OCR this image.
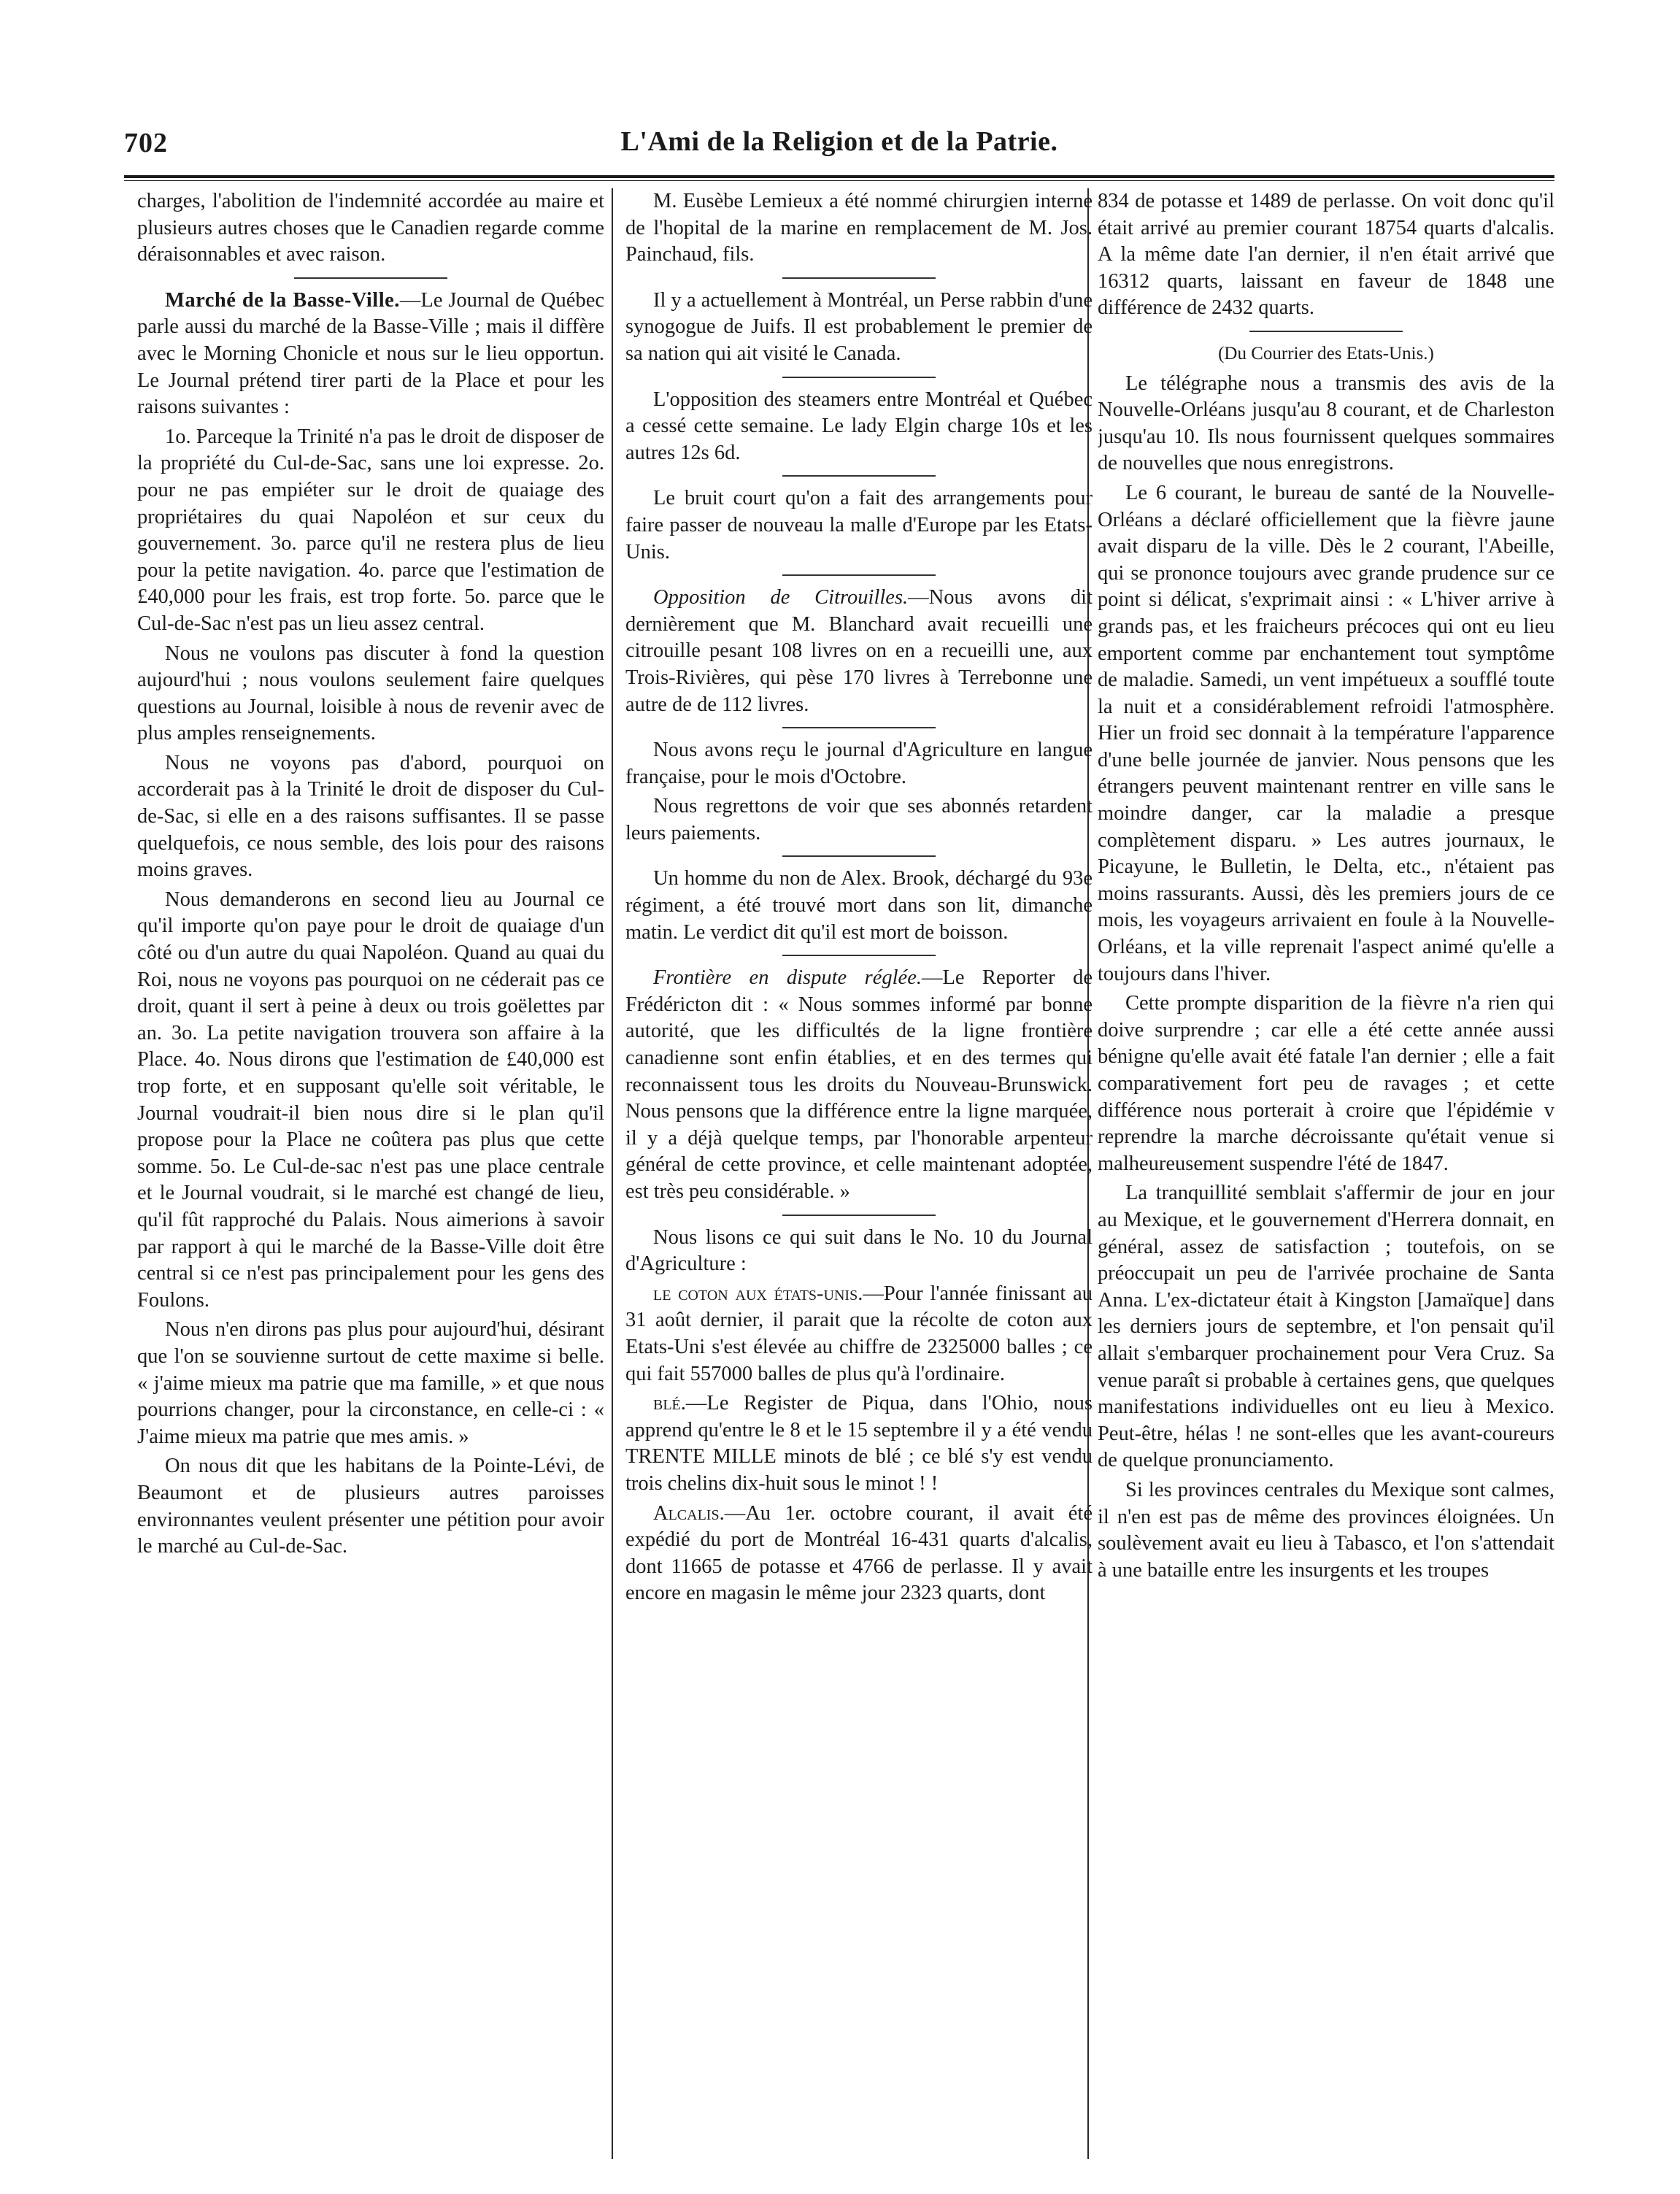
702	L'Ami de la Religion et de la Patrie.

charges, l'abolition de l'indemnité accordée au maire et plusieurs autres choses que le Canadien regarde comme déraisonnables et avec raison.

Marché de la Basse-Ville.—Le Journal de Québec parle aussi du marché de la Basse-Ville ; mais il diffère avec le Morning Chonicle et nous sur le lieu opportun. Le Journal prétend tirer parti de la Place et pour les raisons suivantes :

1o. Parceque la Trinité n'a pas le droit de disposer de la propriété du Cul-de-Sac, sans une loi expresse. 2o. pour ne pas empiéter sur le droit de quaiage des propriétaires du quai Napoléon et sur ceux du gouvernement. 3o. parce qu'il ne restera plus de lieu pour la petite navigation. 4o. parce que l'estimation de £40,000 pour les frais, est trop forte. 5o. parce que le Cul-de-Sac n'est pas un lieu assez central.

Nous ne voulons pas discuter à fond la question aujourd'hui ; nous voulons seulement faire quelques questions au Journal, loisible à nous de revenir avec de plus amples renseignements.

Nous ne voyons pas d'abord, pourquoi on accorderait pas à la Trinité le droit de disposer du Cul-de-Sac, si elle en a des raisons suffisantes. Il se passe quelquefois, ce nous semble, des lois pour des raisons moins graves.

Nous demanderons en second lieu au Journal ce qu'il importe qu'on paye pour le droit de quaiage d'un côté ou d'un autre du quai Napoléon. Quand au quai du Roi, nous ne voyons pas pourquoi on ne céderait pas ce droit, quant il sert à peine à deux ou trois goëlettes par an. 3o. La petite navigation trouvera son affaire à la Place. 4o. Nous dirons que l'estimation de £40,000 est trop forte, et en supposant qu'elle soit véritable, le Journal voudrait-il bien nous dire si le plan qu'il propose pour la Place ne coûtera pas plus que cette somme. 5o. Le Cul-de-sac n'est pas une place centrale et le Journal voudrait, si le marché est changé de lieu, qu'il fût rapproché du Palais. Nous aimerions à savoir par rapport à qui le marché de la Basse-Ville doit être central si ce n'est pas principalement pour les gens des Foulons.

Nous n'en dirons pas plus pour aujourd'hui, désirant que l'on se souvienne surtout de cette maxime si belle. « j'aime mieux ma patrie que ma famille, » et que nous pourrions changer, pour la circonstance, en celle-ci : « J'aime mieux ma patrie que mes amis. »

On nous dit que les habitans de la Pointe-Lévi, de Beaumont et de plusieurs autres paroisses environnantes veulent présenter une pétition pour avoir le marché au Cul-de-Sac.

M. Eusèbe Lemieux a été nommé chirurgien interne de l'hopital de la marine en remplacement de M. Jos. Painchaud, fils.

Il y a actuellement à Montréal, un Perse rabbin d'une synogogue de Juifs. Il est probablement le premier de sa nation qui ait visité le Canada.

L'opposition des steamers entre Montréal et Québec a cessé cette semaine. Le lady Elgin charge 10s et les autres 12s 6d.

Le bruit court qu'on a fait des arrangements pour faire passer de nouveau la malle d'Europe par les Etats-Unis.

Opposition de Citrouilles.—Nous avons dit dernièrement que M. Blanchard avait recueilli une citrouille pesant 108 livres on en a recueilli une, aux Trois-Rivières, qui pèse 170 livres à Terrebonne une autre de de 112 livres.

Nous avons reçu le journal d'Agriculture en langue française, pour le mois d'Octobre.

Nous regrettons de voir que ses abonnés retardent leurs paiements.

Un homme du non de Alex. Brook, déchargé du 93e régiment, a été trouvé mort dans son lit, dimanche matin. Le verdict dit qu'il est mort de boisson.

Frontière en dispute réglée.—Le Reporter de Frédéricton dit : « Nous sommes informé par bonne autorité, que les difficultés de la ligne frontière canadienne sont enfin établies, et en des termes qui reconnaissent tous les droits du Nouveau-Brunswick. Nous pensons que la différence entre la ligne marquée, il y a déjà quelque temps, par l'honorable arpenteur général de cette province, et celle maintenant adoptée, est très peu considérable. »

Nous lisons ce qui suit dans le No. 10 du Journal d'Agriculture :

le coton aux états-unis.—Pour l'année finissant au 31 août dernier, il parait que la récolte de coton aux Etats-Uni s'est élevée au chiffre de 2325000 balles ; ce qui fait 557000 balles de plus qu'à l'ordinaire.

blé.—Le Register de Piqua, dans l'Ohio, nous apprend qu'entre le 8 et le 15 septembre il y a été vendu TRENTE MILLE minots de blé ; ce blé s'y est vendu trois chelins dix-huit sous le minot ! !

Alcalis.—Au 1er. octobre courant, il avait été expédié du port de Montréal 16-431 quarts d'alcalis, dont 11665 de potasse et 4766 de perlasse. Il y avait encore en magasin le même jour 2323 quarts, dont

834 de potasse et 1489 de perlasse. On voit donc qu'il était arrivé au premier courant 18754 quarts d'alcalis. A la même date l'an dernier, il n'en était arrivé que 16312 quarts, laissant en faveur de 1848 une différence de 2432 quarts.

(Du Courrier des Etats-Unis.)

Le télégraphe nous a transmis des avis de la Nouvelle-Orléans jusqu'au 8 courant, et de Charleston jusqu'au 10. Ils nous fournissent quelques sommaires de nouvelles que nous enregistrons.

Le 6 courant, le bureau de santé de la Nouvelle-Orléans a déclaré officiellement que la fièvre jaune avait disparu de la ville. Dès le 2 courant, l'Abeille, qui se prononce toujours avec grande prudence sur ce point si délicat, s'exprimait ainsi : « L'hiver arrive à grands pas, et les fraicheurs précoces qui ont eu lieu emportent comme par enchantement tout symptôme de maladie. Samedi, un vent impétueux a soufflé toute la nuit et a considérablement refroidi l'atmosphère. Hier un froid sec donnait à la température l'apparence d'une belle journée de janvier. Nous pensons que les étrangers peuvent maintenant rentrer en ville sans le moindre danger, car la maladie a presque complètement disparu. » Les autres journaux, le Picayune, le Bulletin, le Delta, etc., n'étaient pas moins rassurants. Aussi, dès les premiers jours de ce mois, les voyageurs arrivaient en foule à la Nouvelle-Orléans, et la ville reprenait l'aspect animé qu'elle a toujours dans l'hiver.

Cette prompte disparition de la fièvre n'a rien qui doive surprendre ; car elle a été cette année aussi bénigne qu'elle avait été fatale l'an dernier ; elle a fait comparativement fort peu de ravages ; et cette différence nous porterait à croire que l'épidémie v reprendre la marche décroissante qu'était venue si malheureusement suspendre l'été de 1847.

La tranquillité semblait s'affermir de jour en jour au Mexique, et le gouvernement d'Herrera donnait, en général, assez de satisfaction ; toutefois, on se préoccupait un peu de l'arrivée prochaine de Santa Anna. L'ex-dictateur était à Kingston [Jamaïque] dans les derniers jours de septembre, et l'on pensait qu'il allait s'embarquer prochainement pour Vera Cruz. Sa venue paraît si probable à certaines gens, que quelques manifestations individuelles ont eu lieu à Mexico. Peut-être, hélas ! ne sont-elles que les avant-coureurs de quelque pronunciamento.

Si les provinces centrales du Mexique sont calmes, il n'en est pas de même des provinces éloignées. Un soulèvement avait eu lieu à Tabasco, et l'on s'attendait à une bataille entre les insurgents et les troupes
